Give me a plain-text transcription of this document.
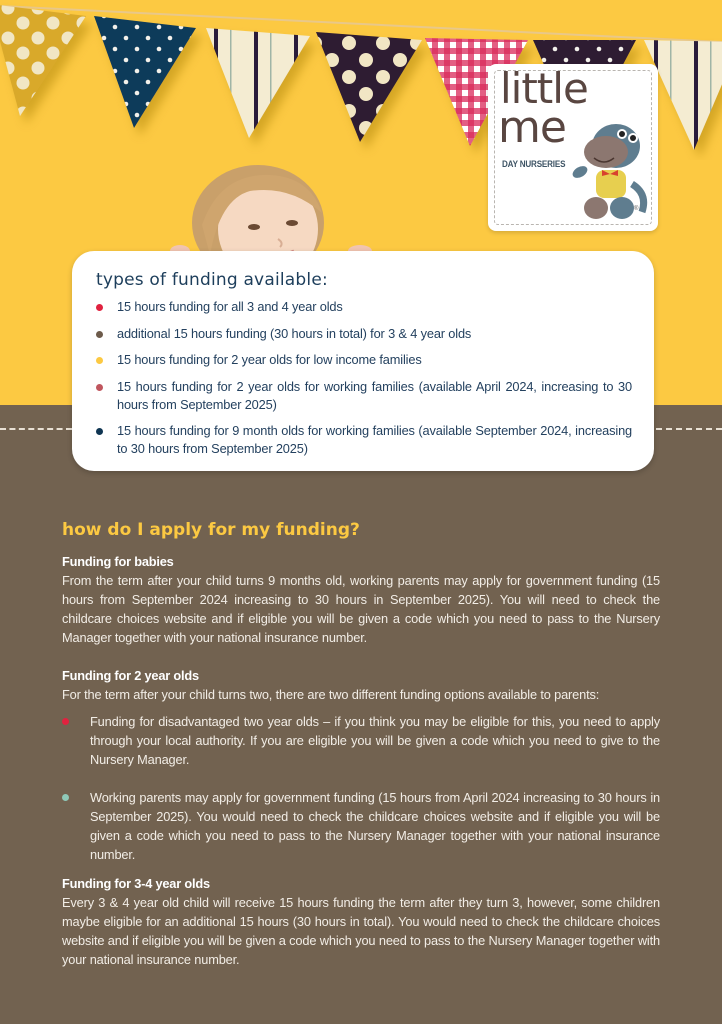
little
me
DAY NURSERIES
®
types of funding available:
15 hours funding for all 3 and 4 year olds
additional 15 hours funding (30 hours in total) for 3 & 4 year olds
15 hours funding for 2 year olds for low income families
15 hours funding for 2 year olds for working families (available April 2024, increasing to 30 hours from September 2025)
15 hours funding for 9 month olds for working families (available September 2024, increasing to 30 hours from September 2025)
how do I apply for my funding?
Funding for babies

From the term after your child turns 9 months old, working parents may apply for government funding (15 hours from September 2024 increasing to 30 hours in September 2025). You will need to check the childcare choices website and if eligible you will be given a code which you need to pass to the Nursery Manager together with your national insurance number.

Funding for 2 year olds

For the term after your child turns two, there are two different funding options available to parents:

Funding for disadvantaged two year olds – if you think you may be eligible for this, you need to apply through your local authority. If you are eligible you will be given a code which you need to give to the Nursery Manager.
Working parents may apply for government funding (15 hours from April 2024 increasing to 30 hours in September 2025). You would need to check the childcare choices website and if eligible you will be given a code which you need to pass to the Nursery Manager together with your national insurance number.
Funding for 3-4 year olds

Every 3 & 4 year old child will receive 15 hours funding the term after they turn 3, however, some children maybe eligible for an additional 15 hours (30 hours in total). You would need to check the childcare choices website and if eligible you will be given a code which you need to pass to the Nursery Manager together with your national insurance number.
